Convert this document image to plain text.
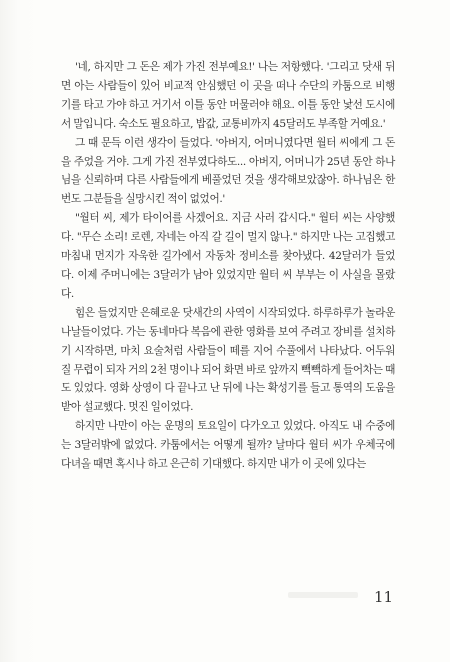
'네, 하지만 그 돈은 제가 가진 전부예요!' 나는 저항했다. '그리고 닷새 뒤면 아는 사람들이 있어 비교적 안심했던 이 곳을 떠나 수단의 카툼으로 비행기를 타고 가야 하고 거기서 이틀 동안 머물러야 해요. 이틀 동안 낯선 도시에서 말입니다. 숙소도 필요하고, 밥값, 교통비까지 45달러도 부족할 거예요.'

그 때 문득 이런 생각이 들었다. '아버지, 어머니였다면 월터 씨에게 그 돈을 주었을 거야. 그게 가진 전부였다하도... 아버지, 어머니가 25년 동안 하나님을 신뢰하며 다른 사람들에게 베풀었던 것을 생각해보았잖아. 하나님은 한 번도 그분들을 실망시킨 적이 없었어.'

"월터 씨, 제가 타이어를 사겠어요. 지금 사러 갑시다." 월터 씨는 사양했다. "무슨 소리! 로렌, 자네는 아직 갈 길이 멀지 않나." 하지만 나는 고집했고 마침내 먼지가 자욱한 길가에서 자동차 정비소를 찾아냈다. 42달러가 들었다. 이제 주머니에는 3달러가 남아 있었지만 월터 씨 부부는 이 사실을 몰랐다.

힘은 들었지만 은혜로운 닷새간의 사역이 시작되었다. 하루하루가 놀라운 나날들이었다. 가는 동네마다 복음에 관한 영화를 보여 주려고 장비를 설치하기 시작하면, 마치 요술처럼 사람들이 떼를 지어 수풀에서 나타났다. 어두워질 무렵이 되자 거의 2천 명이나 되어 화면 바로 앞까지 빽빽하게 들어차는 때도 있었다. 영화 상영이 다 끝나고 난 뒤에 나는 확성기를 들고 통역의 도움을 받아 설교했다. 멋진 일이었다.

하지만 나만이 아는 운명의 토요일이 다가오고 있었다. 아직도 내 수중에는 3달러밖에 없었다. 카툼에서는 어떻게 될까? 날마다 월터 씨가 우체국에 다녀올 때면 혹시나 하고 은근히 기대했다. 하지만 내가 이 곳에 있다는

11
